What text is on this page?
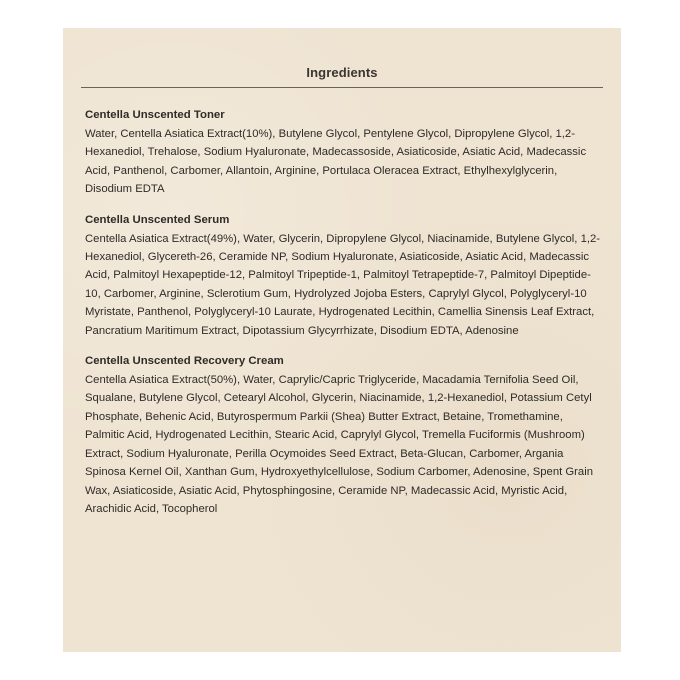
Ingredients
Centella Unscented Toner

Water, Centella Asiatica Extract(10%), Butylene Glycol, Pentylene Glycol, Dipropylene Glycol, 1,2-Hexanediol, Trehalose, Sodium Hyaluronate, Madecassoside, Asiaticoside, Asiatic Acid, Madecassic Acid, Panthenol, Carbomer, Allantoin, Arginine, Portulaca Oleracea Extract, Ethylhexylglycerin, Disodium EDTA

Centella Unscented Serum

Centella Asiatica Extract(49%), Water, Glycerin, Dipropylene Glycol, Niacinamide, Butylene Glycol, 1,2-Hexanediol, Glycereth-26, Ceramide NP, Sodium Hyaluronate, Asiaticoside, Asiatic Acid, Madecassic Acid, Palmitoyl Hexapeptide-12, Palmitoyl Tripeptide-1, Palmitoyl Tetrapeptide-7, Palmitoyl Dipeptide-10, Carbomer, Arginine, Sclerotium Gum, Hydrolyzed Jojoba Esters, Caprylyl Glycol, Polyglyceryl-10 Myristate, Panthenol, Polyglyceryl-10 Laurate, Hydrogenated Lecithin, Camellia Sinensis Leaf Extract, Pancratium Maritimum Extract, Dipotassium Glycyrrhizate, Disodium EDTA, Adenosine

Centella Unscented Recovery Cream

Centella Asiatica Extract(50%), Water, Caprylic/Capric Triglyceride, Macadamia Ternifolia Seed Oil, Squalane, Butylene Glycol, Cetearyl Alcohol, Glycerin, Niacinamide, 1,2-Hexanediol, Potassium Cetyl Phosphate, Behenic Acid, Butyrospermum Parkii (Shea) Butter Extract, Betaine, Tromethamine, Palmitic Acid, Hydrogenated Lecithin, Stearic Acid, Caprylyl Glycol, Tremella Fuciformis (Mushroom) Extract, Sodium Hyaluronate, Perilla Ocymoides Seed Extract, Beta-Glucan, Carbomer, Argania Spinosa Kernel Oil, Xanthan Gum, Hydroxyethylcellulose, Sodium Carbomer, Adenosine, Spent Grain Wax, Asiaticoside, Asiatic Acid, Phytosphingosine, Ceramide NP, Madecassic Acid, Myristic Acid, Arachidic Acid, Tocopherol
